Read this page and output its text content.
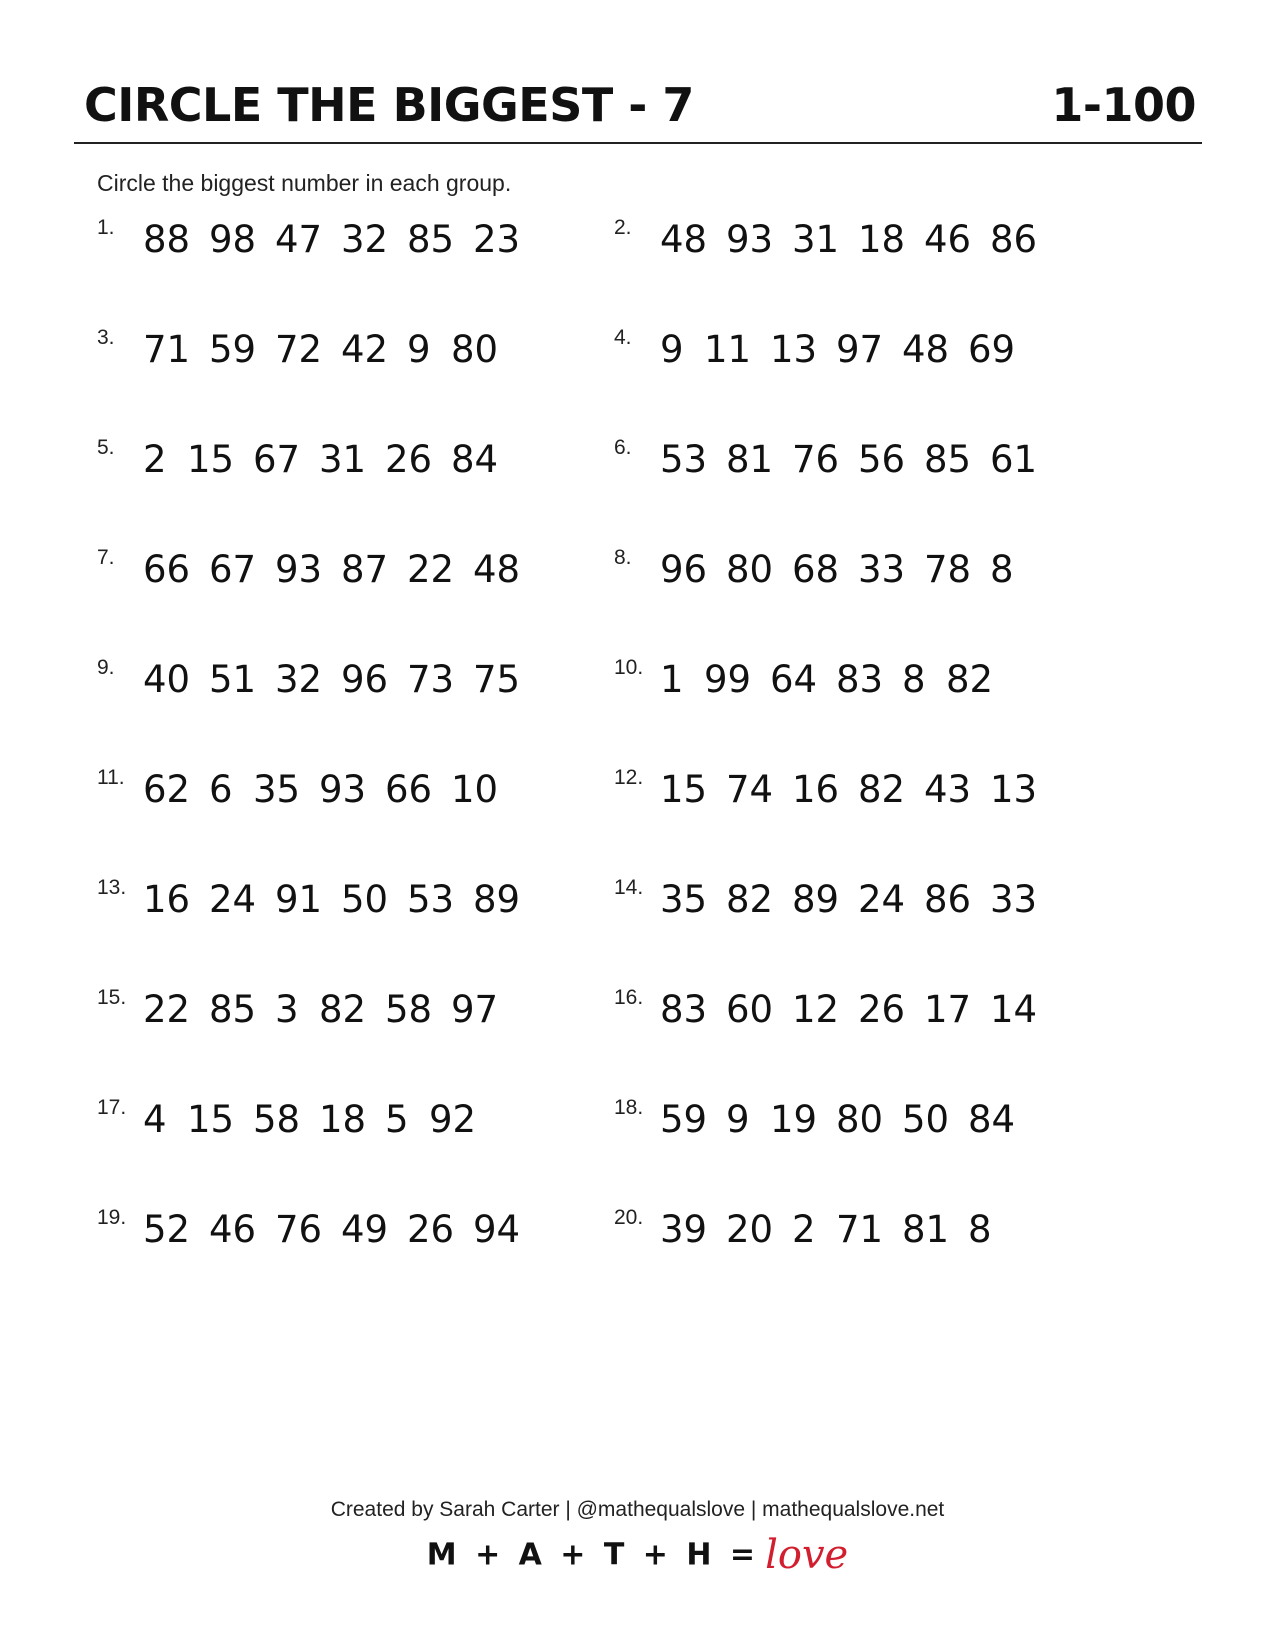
CIRCLE THE BIGGEST - 7	1-100
Circle the biggest number in each group.
1. 88 98 47 32 85 23	2. 48 93 31 18 46 86
3. 71 59 72 42 9 80	4. 9 11 13 97 48 69
5. 2 15 67 31 26 84	6. 53 81 76 56 85 61
7. 66 67 93 87 22 48	8. 96 80 68 33 78 8
9. 40 51 32 96 73 75	10. 1 99 64 83 8 82
11. 62 6 35 93 66 10	12. 15 74 16 82 43 13
13. 16 24 91 50 53 89	14. 35 82 89 24 86 33
15. 22 85 3 82 58 97	16. 83 60 12 26 17 14
17. 4 15 58 18 5 92	18. 59 9 19 80 50 84
19. 52 46 76 49 26 94	20. 39 20 2 71 81 8
Created by Sarah Carter | @mathequalslove | mathequalslove.net
M + A + T + H = love
